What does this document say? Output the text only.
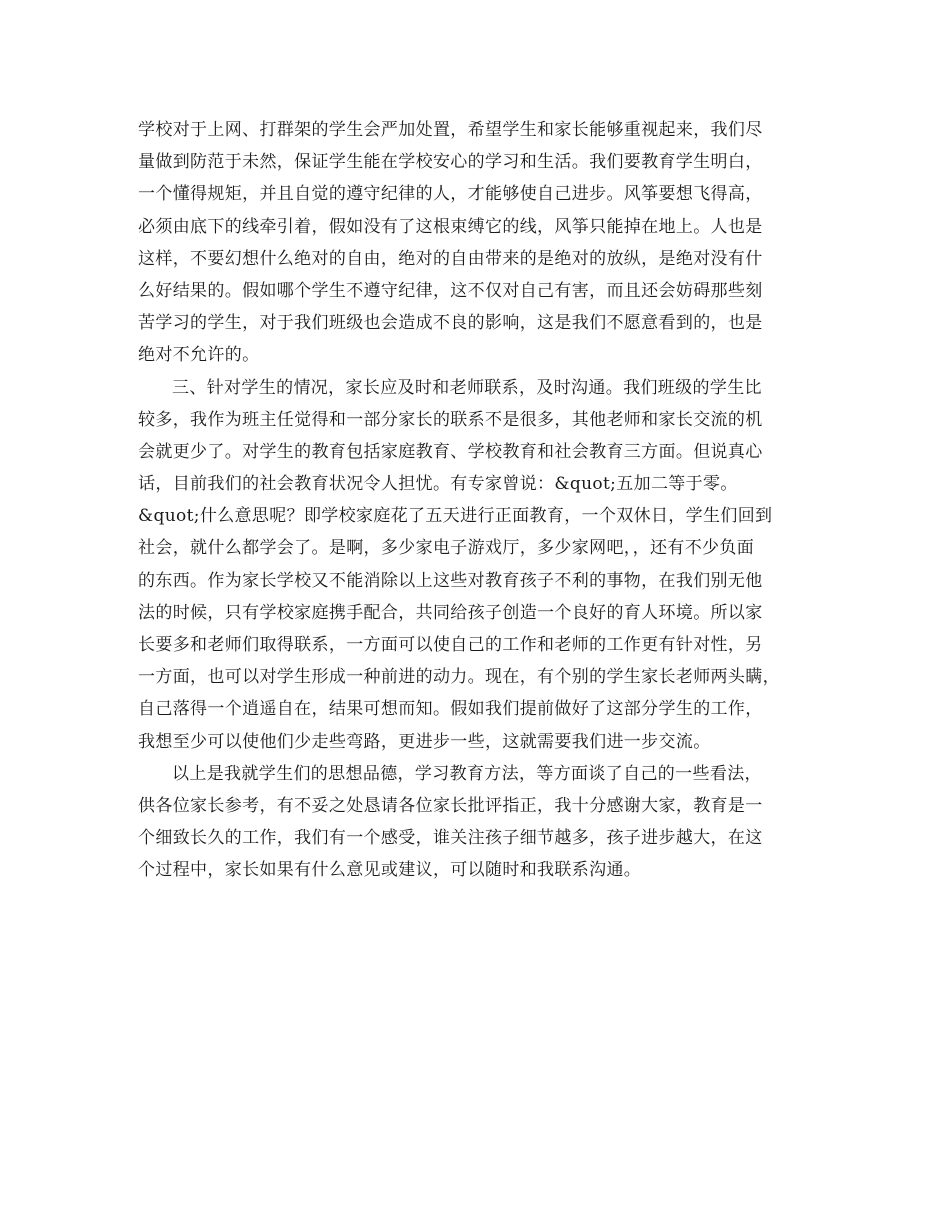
学校对于上网、打群架的学生会严加处置，希望学生和家长能够重视起来，我们尽
量做到防范于未然，保证学生能在学校安心的学习和生活。我们要教育学生明白，
一个懂得规矩，并且自觉的遵守纪律的人，才能够使自己进步。风筝要想飞得高，
必须由底下的线牵引着，假如没有了这根束缚它的线，风筝只能掉在地上。人也是
这样，不要幻想什么绝对的自由，绝对的自由带来的是绝对的放纵，是绝对没有什
么好结果的。假如哪个学生不遵守纪律，这不仅对自己有害，而且还会妨碍那些刻
苦学习的学生，对于我们班级也会造成不良的影响，这是我们不愿意看到的，也是
绝对不允许的。
三、针对学生的情况，家长应及时和老师联系，及时沟通。我们班级的学生比
较多，我作为班主任觉得和一部分家长的联系不是很多，其他老师和家长交流的机
会就更少了。对学生的教育包括家庭教育、学校教育和社会教育三方面。但说真心
话，目前我们的社会教育状况令人担忧。有专家曾说：&quot;五加二等于零。
&quot;什么意思呢？即学校家庭花了五天进行正面教育，一个双休日，学生们回到
社会，就什么都学会了。是啊，多少家电子游戏厅，多少家网吧，，还有不少负面
的东西。作为家长学校又不能消除以上这些对教育孩子不利的事物，在我们别无他
法的时候，只有学校家庭携手配合，共同给孩子创造一个良好的育人环境。所以家
长要多和老师们取得联系，一方面可以使自己的工作和老师的工作更有针对性，另
一方面，也可以对学生形成一种前进的动力。现在，有个别的学生家长老师两头瞒，
自己落得一个逍遥自在，结果可想而知。假如我们提前做好了这部分学生的工作，
我想至少可以使他们少走些弯路，更进步一些，这就需要我们进一步交流。
以上是我就学生们的思想品德，学习教育方法，等方面谈了自己的一些看法，
供各位家长参考，有不妥之处恳请各位家长批评指正，我十分感谢大家，教育是一
个细致长久的工作，我们有一个感受，谁关注孩子细节越多，孩子进步越大，在这
个过程中，家长如果有什么意见或建议，可以随时和我联系沟通。
